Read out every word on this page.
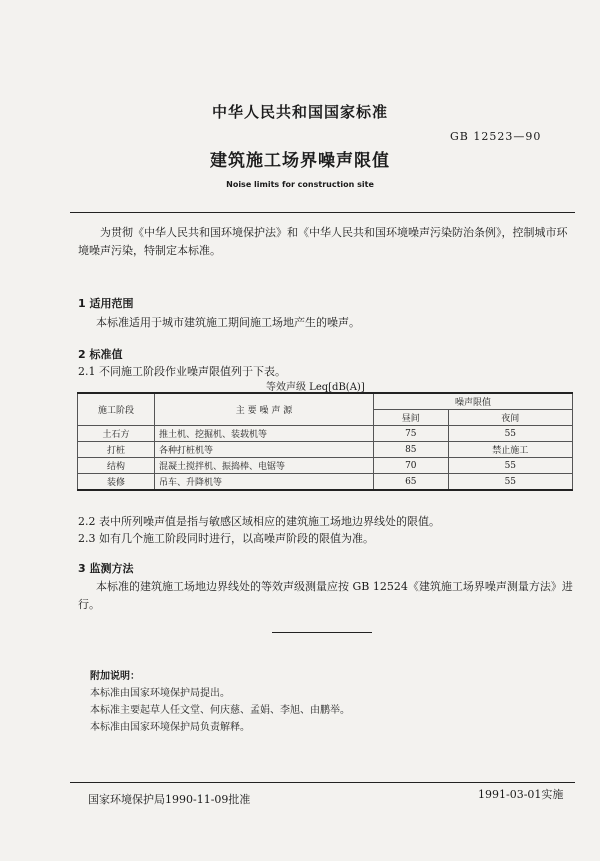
中华人民共和国国家标准
GB 12523—90
建筑施工场界噪声限值
Noise limits for construction site
为贯彻《中华人民共和国环境保护法》和《中华人民共和国环境噪声污染防治条例》，控制城市环境噪声污染，特制定本标准。
1 适用范围
本标准适用于城市建筑施工期间施工场地产生的噪声。
2 标准值
2.1 不同施工阶段作业噪声限值列于下表。
等效声级 Leq[dB(A)]
施工阶段	主 要 噪 声 源	噪声限值	
		昼间	夜间
土石方	推土机、挖掘机、装载机等	75	55
打桩	各种打桩机等	85	禁止施工
结构	混凝土搅拌机、振捣棒、电锯等	70	55
装修	吊车、升降机等	65	55
2.2 表中所列噪声值是指与敏感区域相应的建筑施工场地边界线处的限值。
2.3 如有几个施工阶段同时进行，以高噪声阶段的限值为准。
3 监测方法
本标准的建筑施工场地边界线处的等效声级测量应按 GB 12524《建筑施工场界噪声测量方法》进
行。
附加说明：
本标准由国家环境保护局提出。
本标准主要起草人任文堂、何庆慈、孟娟、李旭、由鹏举。
本标准由国家环境保护局负责解释。
国家环境保护局1990-11-09批准	1991-03-01实施
